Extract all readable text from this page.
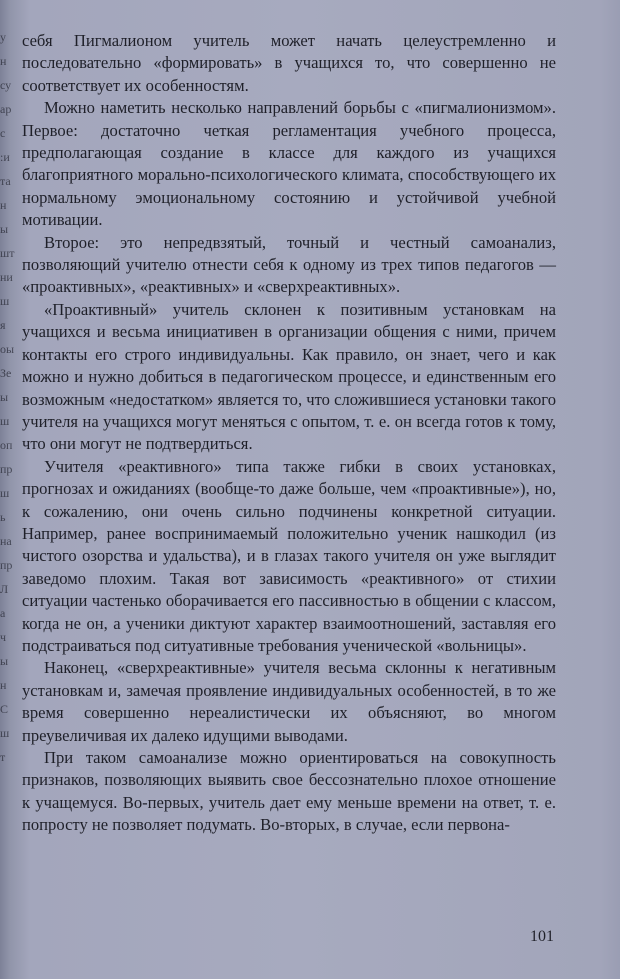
у
н
су
ар
с
:и
та
н
ы
шт
ни
ш
я
оы
Зе
ы
ш
оп
пр
ш
ь
на
пр
Л
а
ч
ы
н
С
ш
т

себя Пигмалионом учитель может начать целеустремленно и последовательно «формировать» в учащихся то, что совершенно не соответствует их особенностям.

Можно наметить несколько направлений борьбы с «пигмалионизмом». Первое: достаточно четкая регламентация учебного процесса, предполагающая создание в классе для каждого из учащихся благоприятного морально-психологического климата, способствующего их нормальному эмоциональному состоянию и устойчивой учебной мотивации.

Второе: это непредвзятый, точный и честный самоанализ, позволяющий учителю отнести себя к одному из трех типов педагогов — «проактивных», «реактивных» и «сверхреактивных».

«Проактивный» учитель склонен к позитивным установкам на учащихся и весьма инициативен в организации общения с ними, причем контакты его строго индивидуальны. Как правило, он знает, чего и как можно и нужно добиться в педагогическом процессе, и единственным его возможным «недостатком» является то, что сложившиеся установки такого учителя на учащихся могут меняться с опытом, т. е. он всегда готов к тому, что они могут не подтвердиться.

Учителя «реактивного» типа также гибки в своих установках, прогнозах и ожиданиях (вообще-то даже больше, чем «проактивные»), но, к сожалению, они очень сильно подчинены конкретной ситуации. Например, ранее воспринимаемый положительно ученик нашкодил (из чистого озорства и удальства), и в глазах такого учителя он уже выглядит заведомо плохим. Такая вот зависимость «реактивного» от стихии ситуации частенько оборачивается его пассивностью в общении с классом, когда не он, а ученики диктуют характер взаимоотношений, заставляя его подстраиваться под ситуативные требования ученической «вольницы».

Наконец, «сверхреактивные» учителя весьма склонны к негативным установкам и, замечая проявление индивидуальных особенностей, в то же время совершенно нереалистически их объясняют, во многом преувеличивая их далеко идущими выводами.

При таком самоанализе можно ориентироваться на совокупность признаков, позволяющих выявить свое бессознательно плохое отношение к учащемуся. Во-первых, учитель дает ему меньше времени на ответ, т. е. попросту не позволяет подумать. Во-вторых, в случае, если первона-

101
